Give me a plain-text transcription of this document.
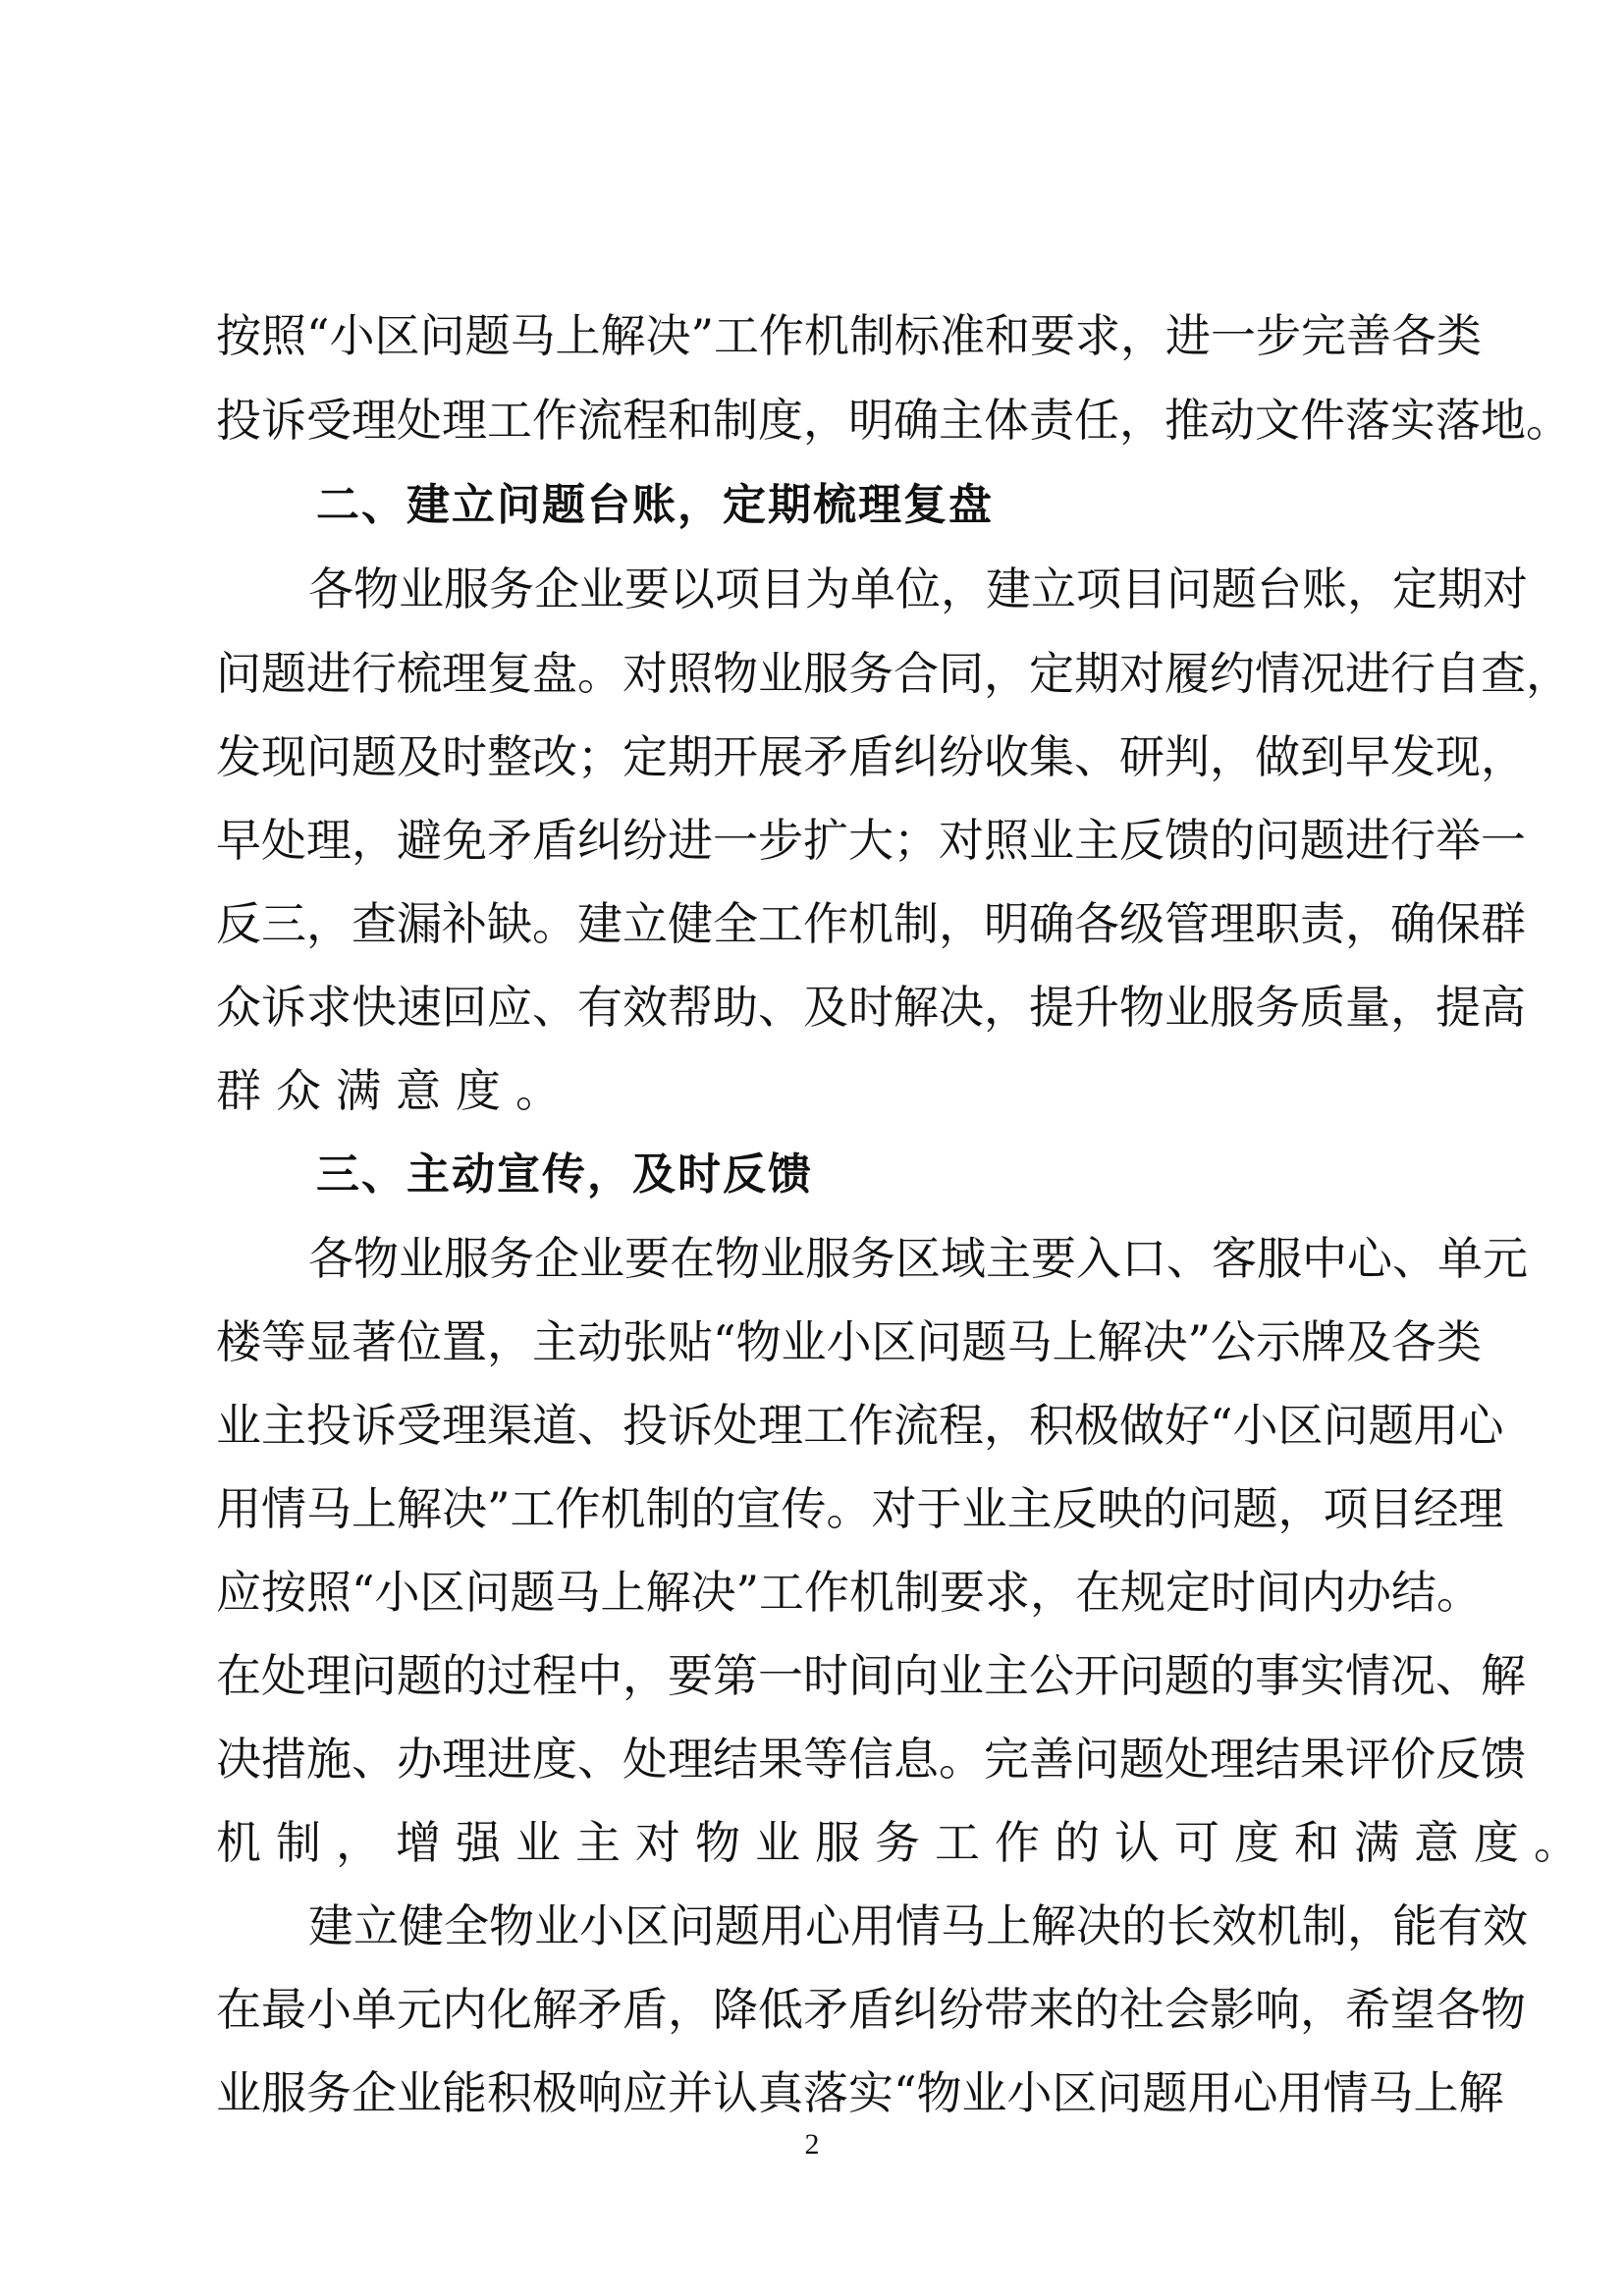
按照“小区问题马上解决”工作机制标准和要求，进一步完善各类
投诉受理处理工作流程和制度，明确主体责任，推动文件落实落地。
二、建立问题台账，定期梳理复盘
各物业服务企业要以项目为单位，建立项目问题台账，定期对
问题进行梳理复盘。对照物业服务合同，定期对履约情况进行自查，
发现问题及时整改；定期开展矛盾纠纷收集、研判，做到早发现，
早处理，避免矛盾纠纷进一步扩大；对照业主反馈的问题进行举一
反三，查漏补缺。建立健全工作机制，明确各级管理职责，确保群
众诉求快速回应、有效帮助、及时解决，提升物业服务质量，提高
群众满意度。
三、主动宣传，及时反馈
各物业服务企业要在物业服务区域主要入口、客服中心、单元
楼等显著位置，主动张贴“物业小区问题马上解决”公示牌及各类
业主投诉受理渠道、投诉处理工作流程，积极做好“小区问题用心
用情马上解决”工作机制的宣传。对于业主反映的问题，项目经理
应按照“小区问题马上解决”工作机制要求，在规定时间内办结。
在处理问题的过程中，要第一时间向业主公开问题的事实情况、解
决措施、办理进度、处理结果等信息。完善问题处理结果评价反馈
机制，增强业主对物业服务工作的认可度和满意度。
建立健全物业小区问题用心用情马上解决的长效机制，能有效
在最小单元内化解矛盾，降低矛盾纠纷带来的社会影响，希望各物
业服务企业能积极响应并认真落实“物业小区问题用心用情马上解
2
